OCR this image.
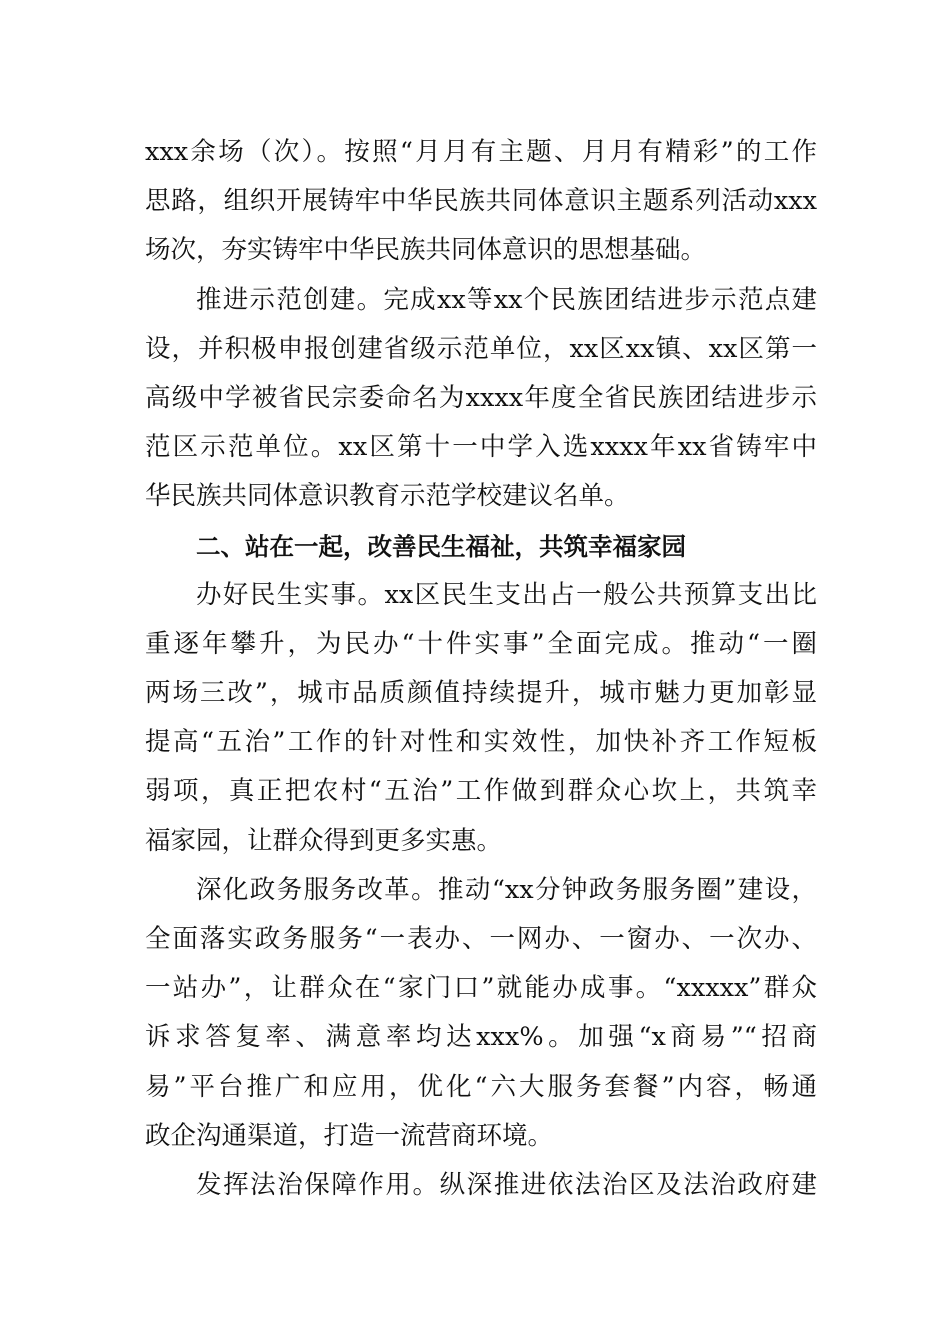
xxx余场（次）。按照“月月有主题、月月有精彩”的工作
思路，组织开展铸牢中华民族共同体意识主题系列活动xxx
场次，夯实铸牢中华民族共同体意识的思想基础。
推进示范创建。完成xx等xx个民族团结进步示范点建
设，并积极申报创建省级示范单位，xx区xx镇、xx区第一
高级中学被省民宗委命名为xxxx年度全省民族团结进步示
范区示范单位。xx区第十一中学入选xxxx年xx省铸牢中
华民族共同体意识教育示范学校建议名单。
二、站在一起，改善民生福祉，共筑幸福家园
办好民生实事。xx区民生支出占一般公共预算支出比
重逐年攀升，为民办“十件实事”全面完成。推动“一圈
两场三改”，城市品质颜值持续提升，城市魅力更加彰显
提高“五治”工作的针对性和实效性，加快补齐工作短板
弱项，真正把农村“五治”工作做到群众心坎上，共筑幸
福家园，让群众得到更多实惠。
深化政务服务改革。推动“xx分钟政务服务圈”建设，
全面落实政务服务“一表办、一网办、一窗办、一次办、
一站办”，让群众在“家门口”就能办成事。“xxxxx”群众
诉求答复率、满意率均达xxx%。加强“x商易”“招商
易”平台推广和应用，优化“六大服务套餐”内容，畅通
政企沟通渠道，打造一流营商环境。
发挥法治保障作用。纵深推进依法治区及法治政府建
